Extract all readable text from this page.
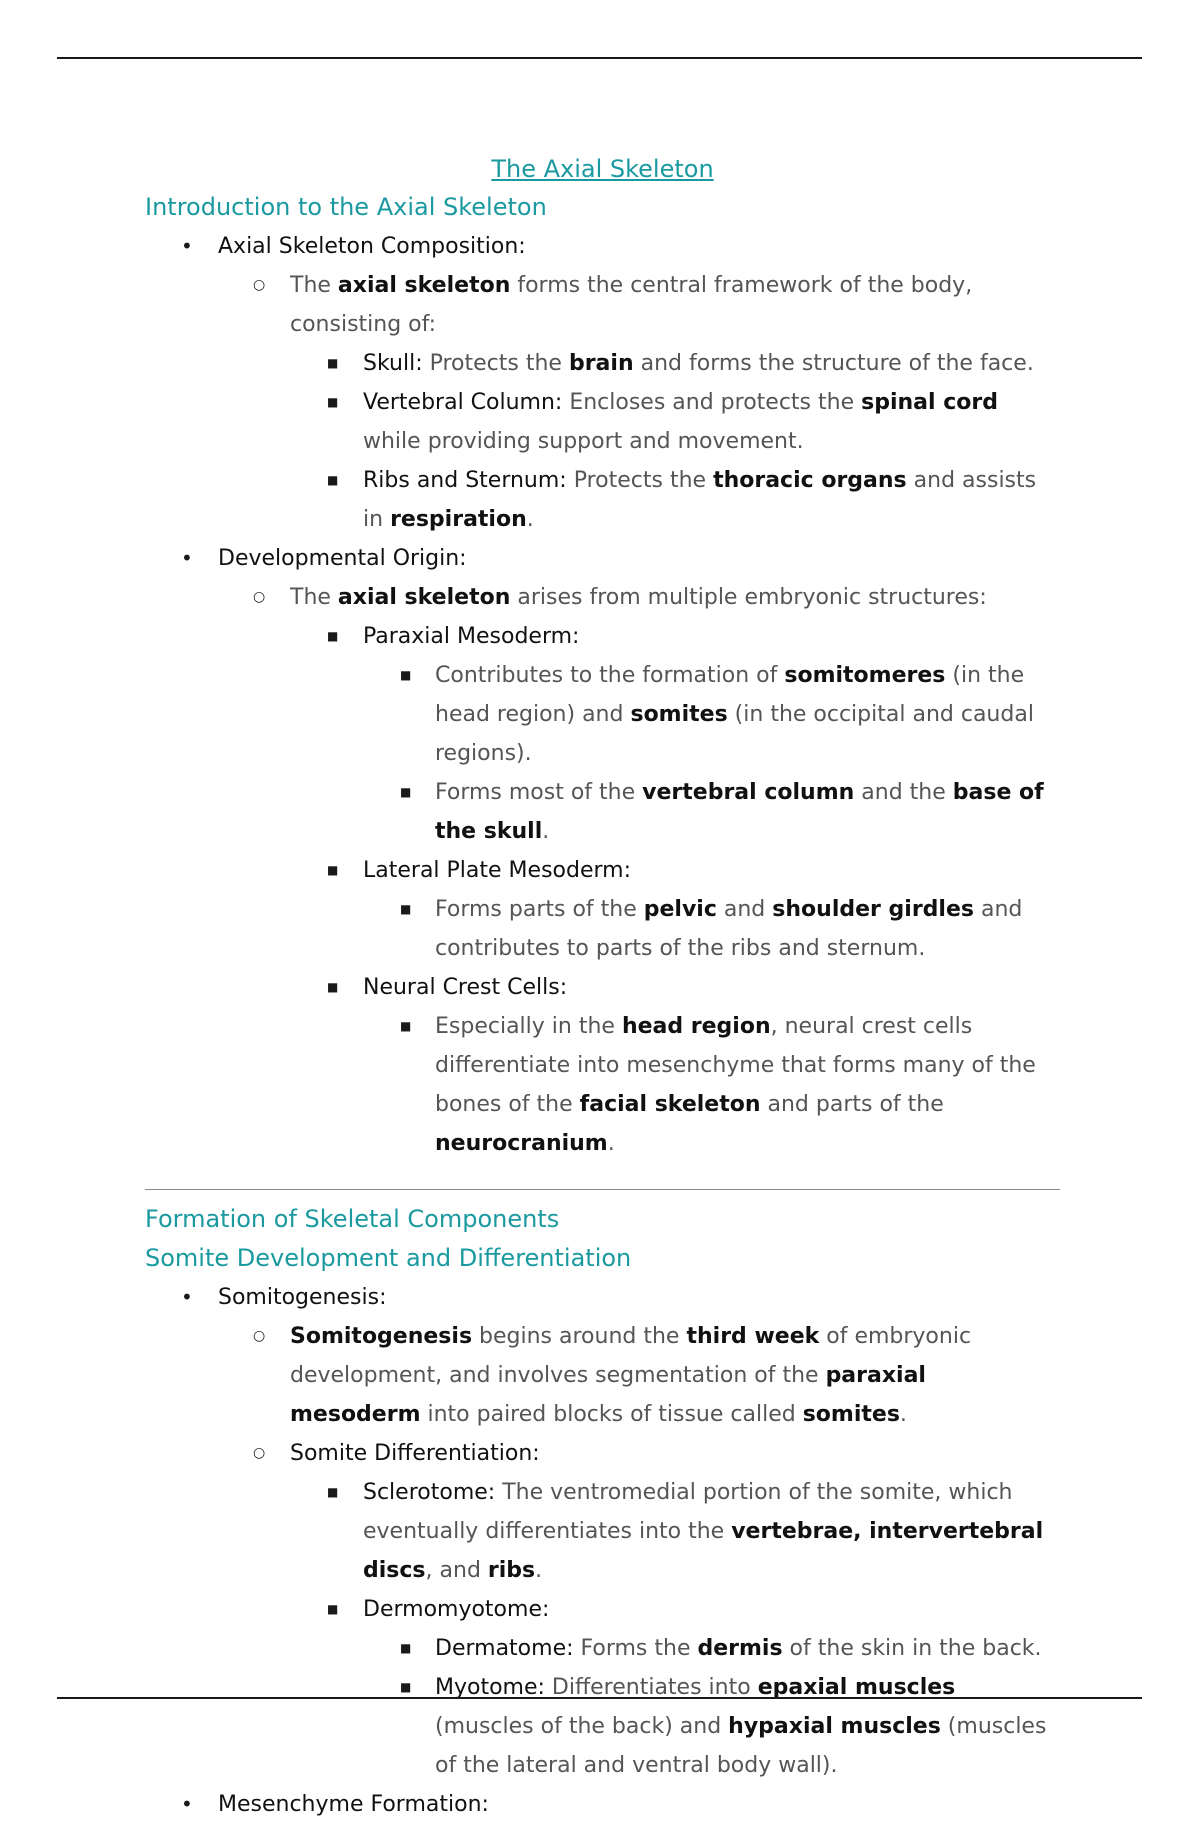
The Axial Skeleton
Introduction to the Axial Skeleton
• Axial Skeleton Composition:
○ The axial skeleton forms the central framework of the body, consisting of:
■ Skull: Protects the brain and forms the structure of the face.
■ Vertebral Column: Encloses and protects the spinal cord while providing support and movement.
■ Ribs and Sternum: Protects the thoracic organs and assists in respiration.
• Developmental Origin:
○ The axial skeleton arises from multiple embryonic structures:
■ Paraxial Mesoderm:
■ Contributes to the formation of somitomeres (in the head region) and somites (in the occipital and caudal regions).
■ Forms most of the vertebral column and the base of the skull.
■ Lateral Plate Mesoderm:
■ Forms parts of the pelvic and shoulder girdles and contributes to parts of the ribs and sternum.
■ Neural Crest Cells:
■ Especially in the head region, neural crest cells differentiate into mesenchyme that forms many of the bones of the facial skeleton and parts of the neurocranium.
Formation of Skeletal Components
Somite Development and Differentiation
• Somitogenesis:
○ Somitogenesis begins around the third week of embryonic development, and involves segmentation of the paraxial mesoderm into paired blocks of tissue called somites.
○ Somite Differentiation:
■ Sclerotome: The ventromedial portion of the somite, which eventually differentiates into the vertebrae, intervertebral discs, and ribs.
■ Dermomyotome:
■ Dermatome: Forms the dermis of the skin in the back.
■ Myotome: Differentiates into epaxial muscles (muscles of the back) and hypaxial muscles (muscles of the lateral and ventral body wall).
• Mesenchyme Formation:
